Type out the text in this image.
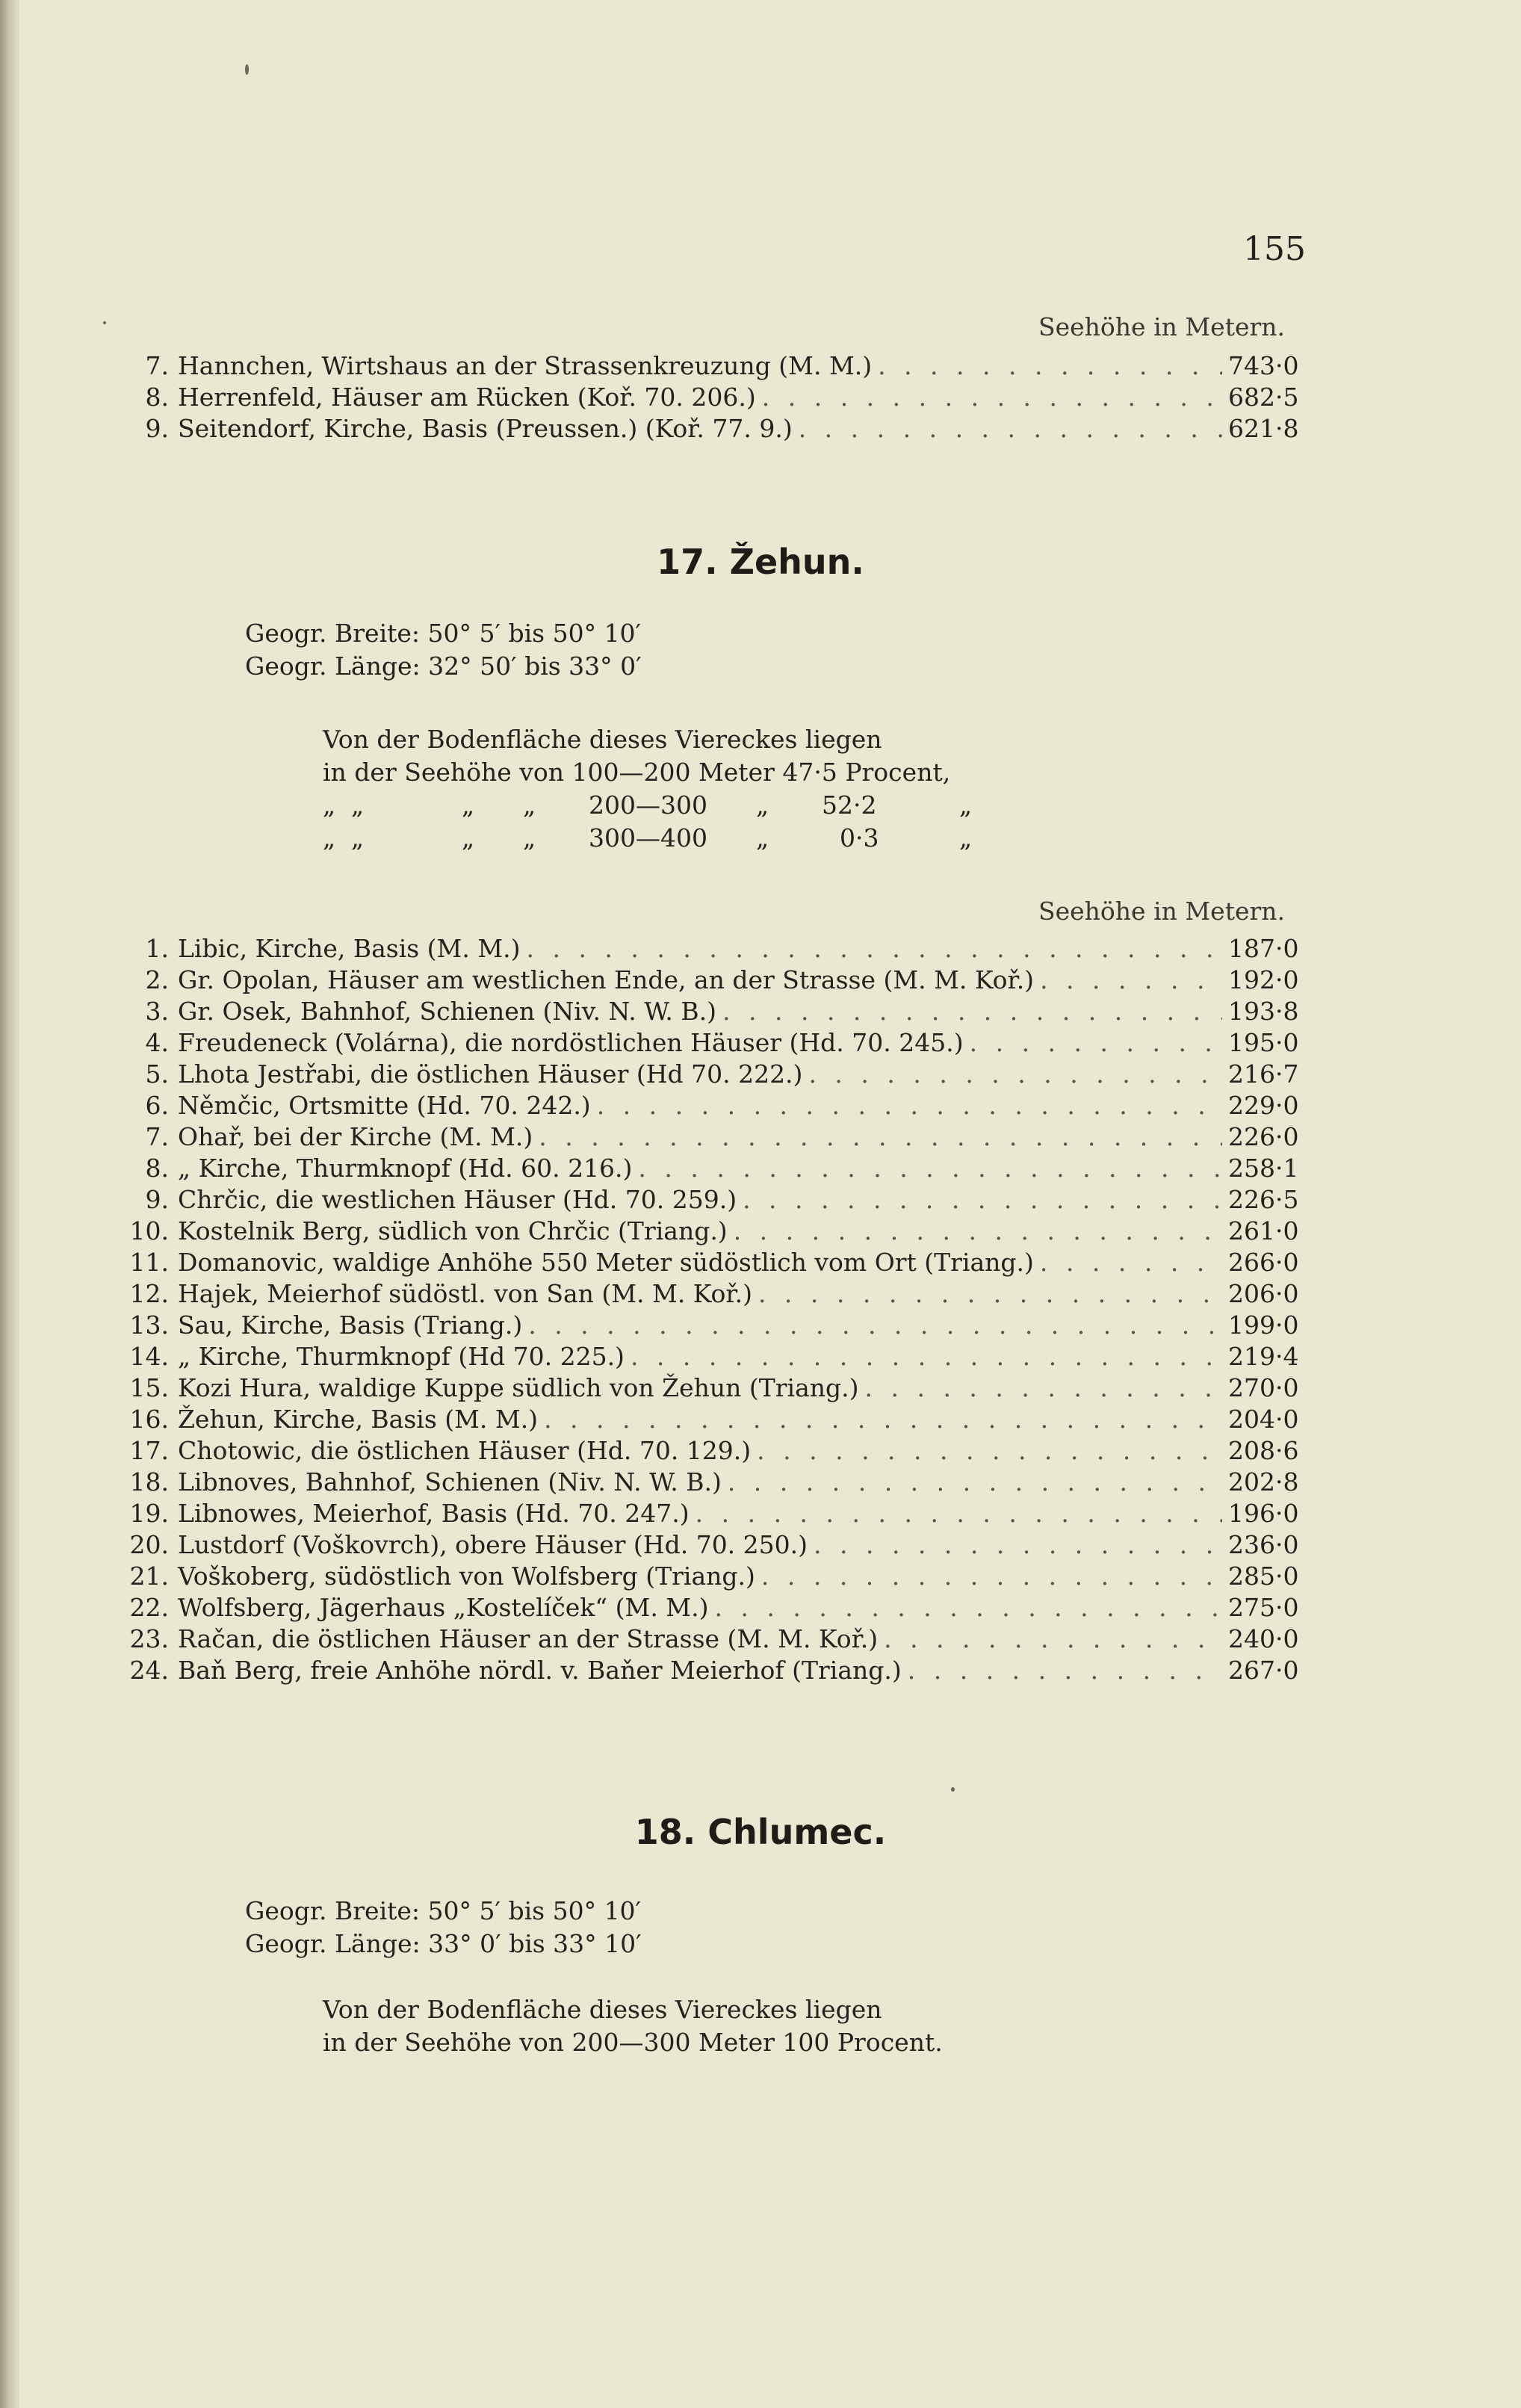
155
Seehöhe in Metern.
7. Hannchen, Wirtshaus an der Strassenkreuzung (M. M.) . . .	743·0
8. Herrenfeld, Häuser am Rücken (Koř. 70. 206.) . . .	682·5
9. Seitendorf, Kirche, Basis (Preussen.) (Koř. 77. 9.) . . .	621·8
17. Žehun.
Geogr. Breite: 50° 5′ bis 50° 10′
Geogr. Länge: 32° 50′ bis 33° 0′
Von der Bodenfläche dieses Viereckes liegen
in der Seehöhe von 100—200 Meter 47·5 Procent,
„ „	„ „ 200—300 „ 52·2	„
„ „	„ „ 300—400 „	0·3	„
Seehöhe in Metern.
1. Libic, Kirche, Basis (M. M.) . . .	187·0
2. Gr. Opolan, Häuser am westlichen Ende, an der Strasse (M. M. Koř.) . . .	192·0
3. Gr. Osek, Bahnhof, Schienen (Niv. N. W. B.) . . .	193·8
4. Freudeneck (Volárna), die nordöstlichen Häuser (Hd. 70. 245.) . . .	195·0
5. Lhota Jestřabi, die östlichen Häuser (Hd 70. 222.) . . .	216·7
6. Němčic, Ortsmitte (Hd. 70. 242.) . . .	229·0
7. Ohař, bei der Kirche (M. M.) . . .	226·0
8. „ Kirche, Thurmknopf (Hd. 60. 216.) . . .	258·1
9. Chrčic, die westlichen Häuser (Hd. 70. 259.) . . .	226·5
10. Kostelnik Berg, südlich von Chrčic (Triang.) . . .	261·0
11. Domanovic, waldige Anhöhe 550 Meter südöstlich vom Ort (Triang.) . . .	266·0
12. Hajek, Meierhof südöstl. von San (M. M. Koř.) . . .	206·0
13. Sau, Kirche, Basis (Triang.) . . .	199·0
14. „ Kirche, Thurmknopf (Hd 70. 225.) . . .	219·4
15. Kozi Hura, waldige Kuppe südlich von Žehun (Triang.) . . .	270·0
16. Žehun, Kirche, Basis (M. M.) . . .	204·0
17. Chotowic, die östlichen Häuser (Hd. 70. 129.) . . .	208·6
18. Libnoves, Bahnhof, Schienen (Niv. N. W. B.) . . .	202·8
19. Libnowes, Meierhof, Basis (Hd. 70. 247.) . . .	196·0
20. Lustdorf (Voškovrch), obere Häuser (Hd. 70. 250.) . . .	236·0
21. Voškoberg, südöstlich von Wolfsberg (Triang.) . . .	285·0
22. Wolfsberg, Jägerhaus „Kostelíček“ (M. M.) . . .	275·0
23. Račan, die östlichen Häuser an der Strasse (M. M. Koř.) . . .	240·0
24. Baň Berg, freie Anhöhe nördl. v. Baňer Meierhof (Triang.) . . .	267·0
18. Chlumec.
Geogr. Breite: 50° 5′ bis 50° 10′
Geogr. Länge: 33° 0′ bis 33° 10′
Von der Bodenfläche dieses Viereckes liegen
in der Seehöhe von 200—300 Meter 100 Procent.
